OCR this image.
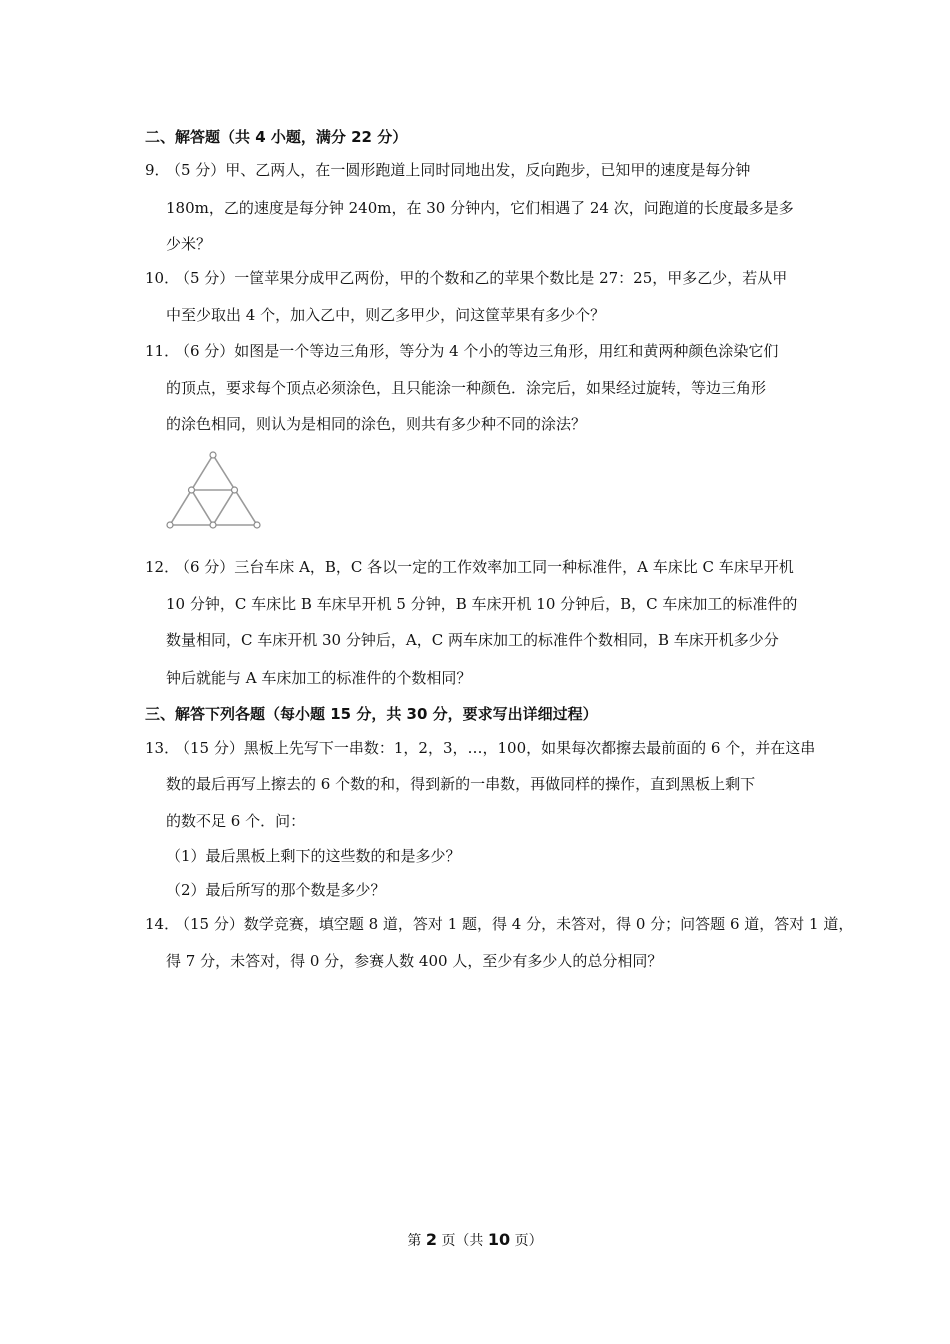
二、解答题（共 4 小题，满分 22 分）
9．
（5 分）甲、乙两人，在一圆形跑道上同时同地出发，反向跑步，已知甲的速度是每分钟
180m，乙的速度是每分钟 240m，在 30 分钟内，它们相遇了 24 次，问跑道的长度最多是多
少米？
10．
（5 分）一筐苹果分成甲乙两份，甲的个数和乙的苹果个数比是 27：25，甲多乙少，若从甲
中至少取出 4 个，加入乙中，则乙多甲少，问这筐苹果有多少个？
11．
（6 分）如图是一个等边三角形，等分为 4 个小的等边三角形，用红和黄两种颜色涂染它们
的顶点，要求每个顶点必须涂色，且只能涂一种颜色．涂完后，如果经过旋转，等边三角形
的涂色相同，则认为是相同的涂色，则共有多少种不同的涂法？
12．
（6 分）三台车床 A，B，C 各以一定的工作效率加工同一种标准件，A 车床比 C 车床早开机
10 分钟，C 车床比 B 车床早开机 5 分钟，B 车床开机 10 分钟后，B，C 车床加工的标准件的
数量相同，C 车床开机 30 分钟后，A，C 两车床加工的标准件个数相同，B 车床开机多少分
钟后就能与 A 车床加工的标准件的个数相同？
三、解答下列各题（每小题 15 分，共 30 分，要求写出详细过程）
13．
（15 分）黑板上先写下一串数：1，2，3，…，100，如果每次都擦去最前面的 6 个，并在这串
数的最后再写上擦去的 6 个数的和，得到新的一串数，再做同样的操作，直到黑板上剩下
的数不足 6 个．问：
（1）最后黑板上剩下的这些数的和是多少？
（2）最后所写的那个数是多少？
14．
（15 分）数学竞赛，填空题 8 道，答对 1 题，得 4 分，未答对，得 0 分；问答题 6 道，答对 1 道，
得 7 分，未答对，得 0 分，参赛人数 400 人，至少有多少人的总分相同？
第 2 页（共 10 页）
